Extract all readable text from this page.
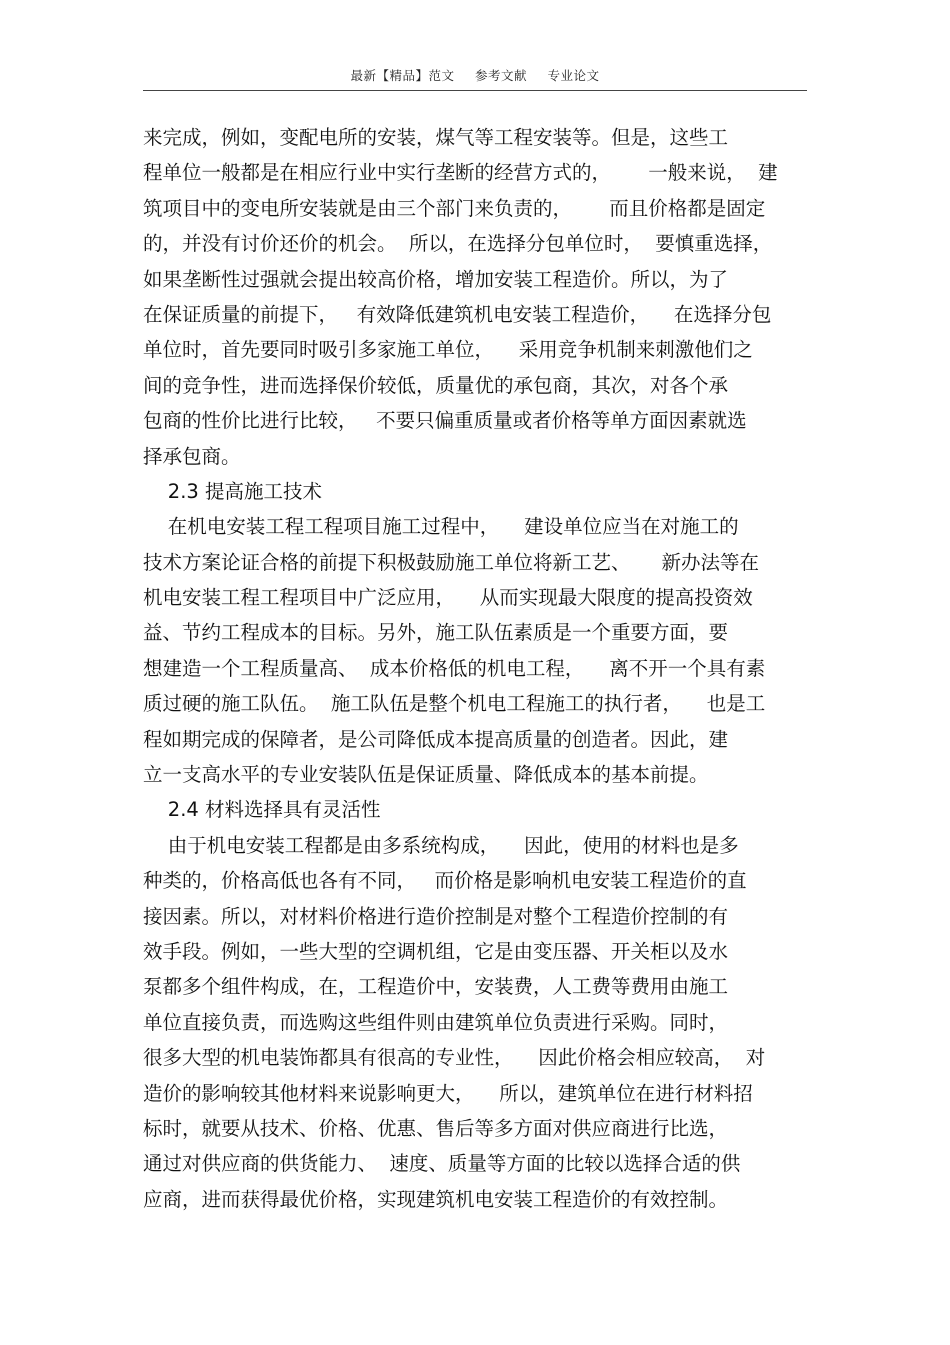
最新【精品】范文 参考文献 专业论文
来完成，例如，变配电所的安装，煤气等工程安装等。但是，这些工
程单位一般都是在相应行业中实行垄断的经营方式的，      一般来说，  建
筑项目中的变电所安装就是由三个部门来负责的，      而且价格都是固定
的，并没有讨价还价的机会。  所以，在选择分包单位时，  要慎重选择，
如果垄断性过强就会提出较高价格，增加安装工程造价。所以，为了
在保证质量的前提下，   有效降低建筑机电安装工程造价，    在选择分包
单位时，首先要同时吸引多家施工单位，    采用竞争机制来刺激他们之
间的竞争性，进而选择保价较低，质量优的承包商，其次，对各个承
包商的性价比进行比较，   不要只偏重质量或者价格等单方面因素就选
择承包商。
2.3 提高施工技术
在机电安装工程工程项目施工过程中，    建设单位应当在对施工的
技术方案论证合格的前提下积极鼓励施工单位将新工艺、     新办法等在
机电安装工程工程项目中广泛应用，    从而实现最大限度的提高投资效
益、节约工程成本的目标。另外，施工队伍素质是一个重要方面，要
想建造一个工程质量高、  成本价格低的机电工程，    离不开一个具有素
质过硬的施工队伍。  施工队伍是整个机电工程施工的执行者，    也是工
程如期完成的保障者，是公司降低成本提高质量的创造者。因此，建
立一支高水平的专业安装队伍是保证质量、降低成本的基本前提。
2.4 材料选择具有灵活性
由于机电安装工程都是由多系统构成，    因此，使用的材料也是多
种类的，价格高低也各有不同，   而价格是影响机电安装工程造价的直
接因素。所以，对材料价格进行造价控制是对整个工程造价控制的有
效手段。例如，一些大型的空调机组，它是由变压器、开关柜以及水
泵都多个组件构成，在，工程造价中，安装费，人工费等费用由施工
单位直接负责，而选购这些组件则由建筑单位负责进行采购。同时，
很多大型的机电装饰都具有很高的专业性，    因此价格会相应较高，  对
造价的影响较其他材料来说影响更大，    所以，建筑单位在进行材料招
标时，就要从技术、价格、优惠、售后等多方面对供应商进行比选，
通过对供应商的供货能力、  速度、质量等方面的比较以选择合适的供
应商，进而获得最优价格，实现建筑机电安装工程造价的有效控制。
